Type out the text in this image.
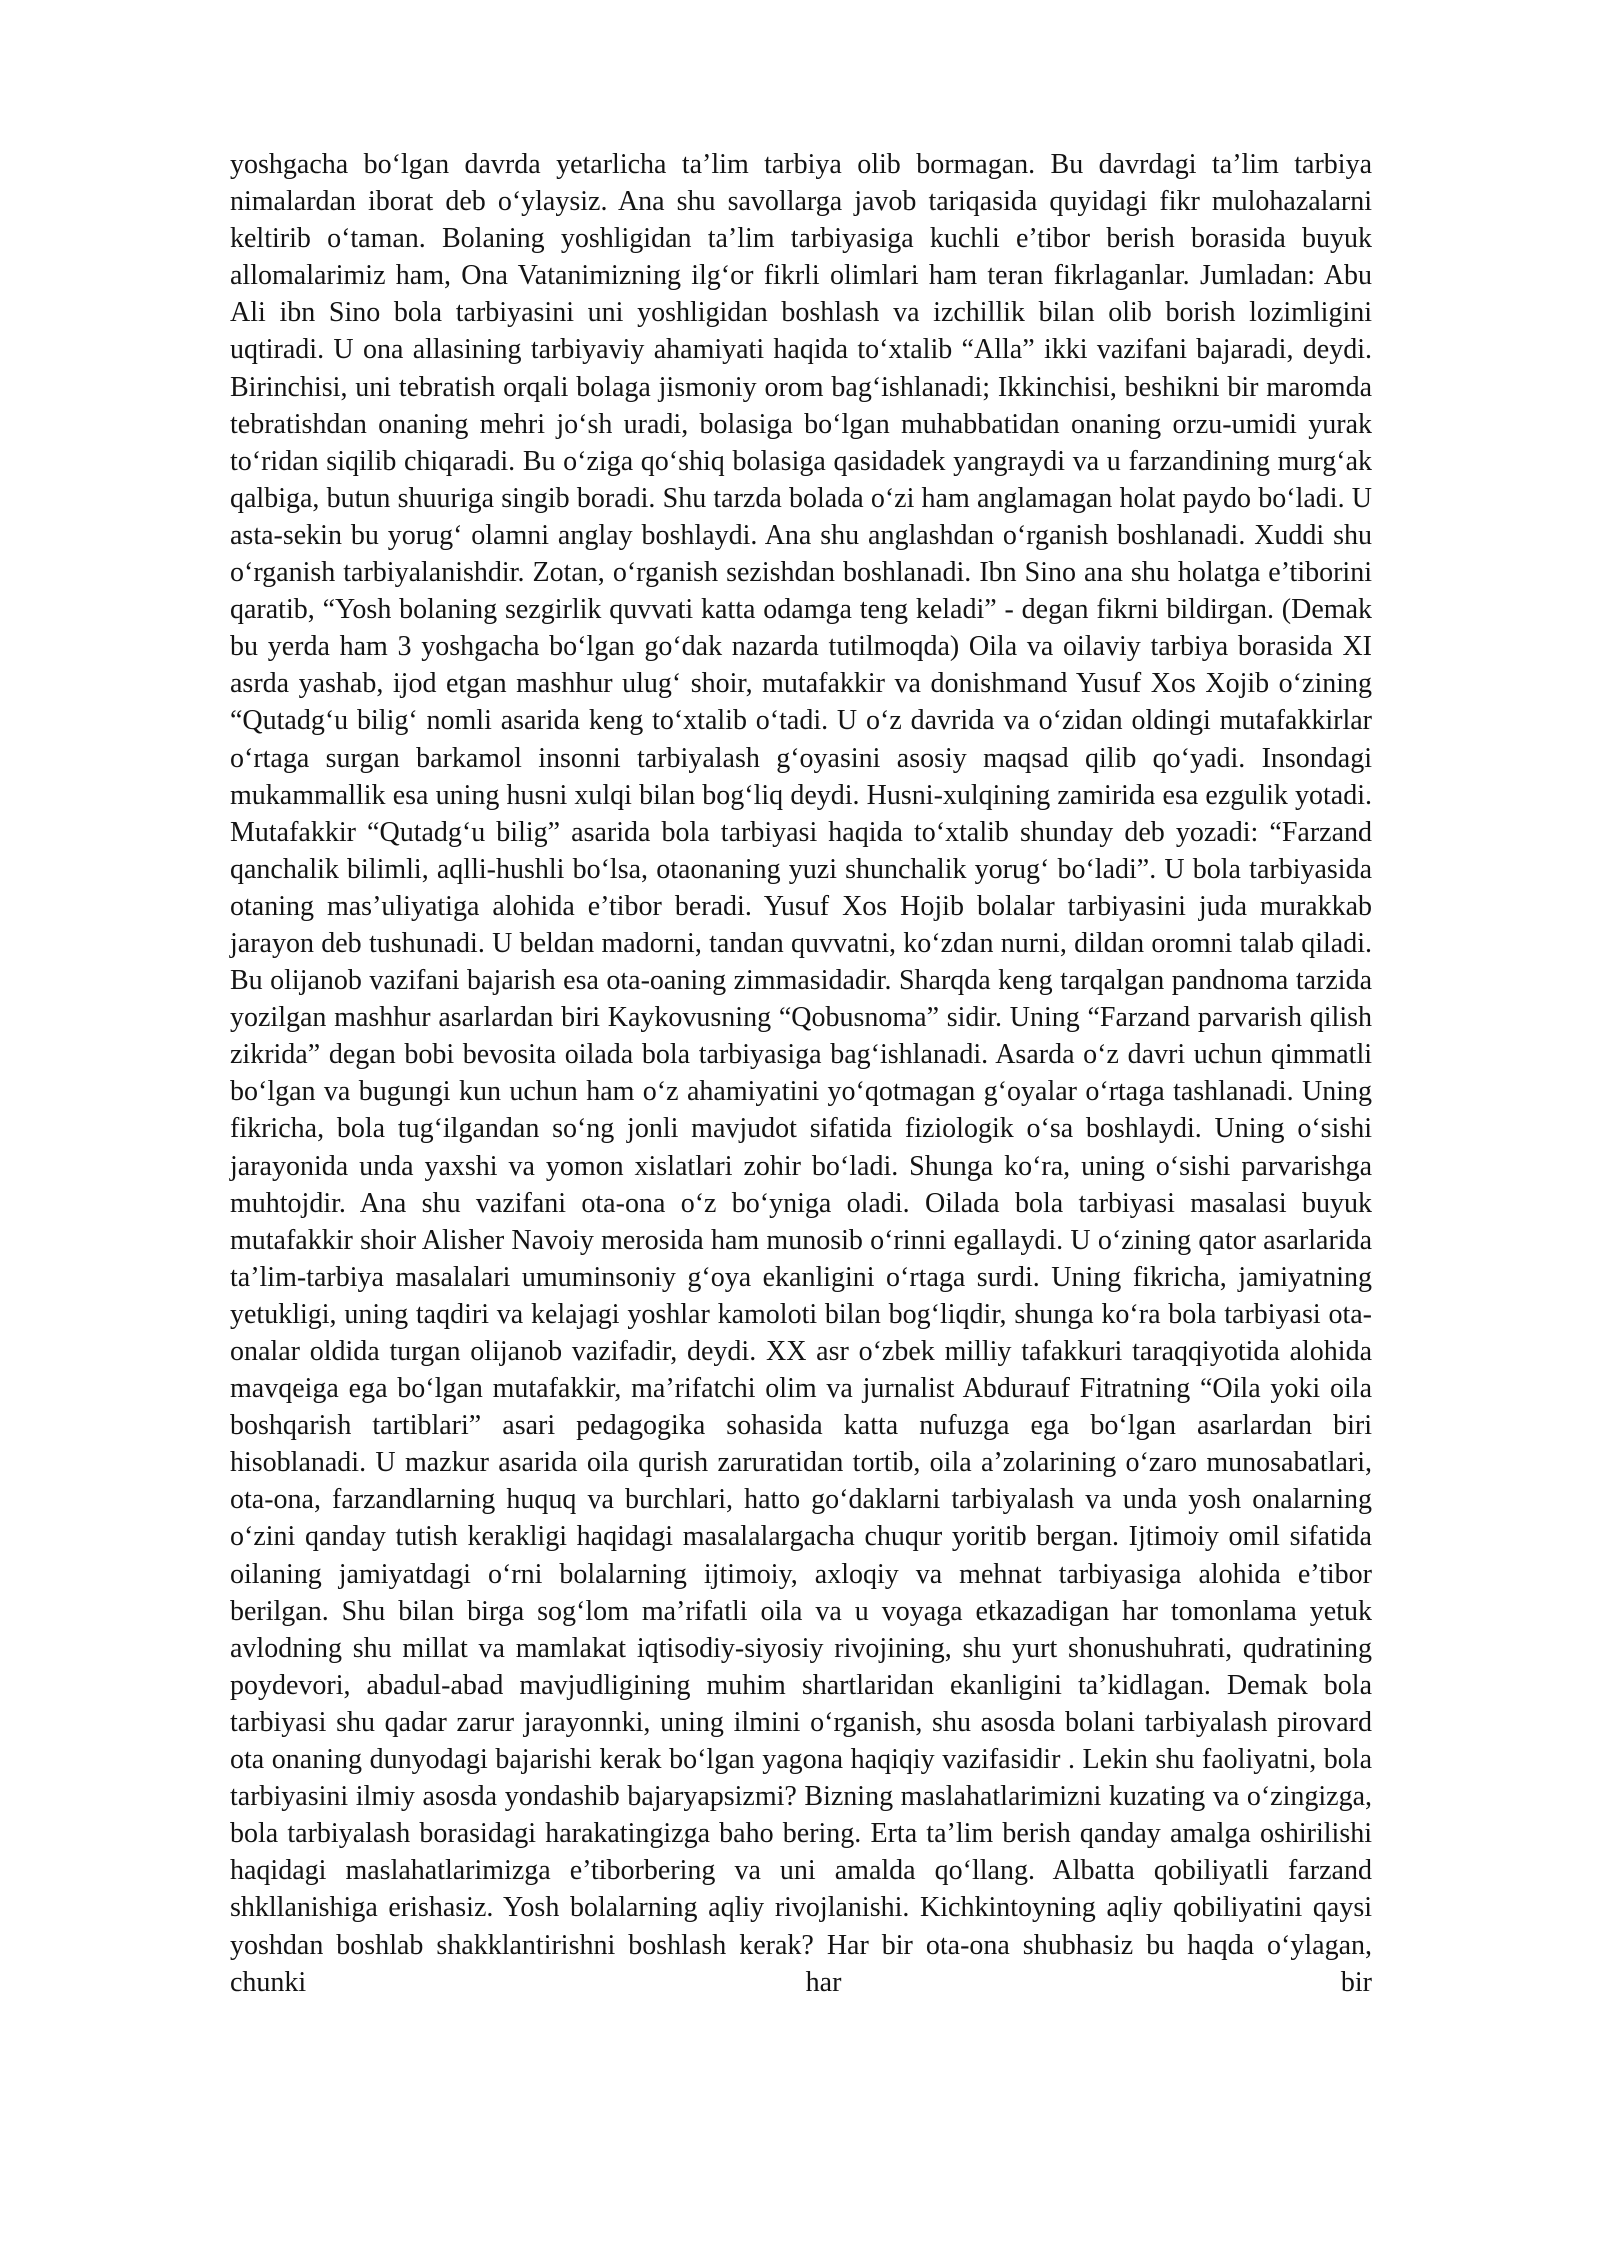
yoshgacha bo‘lgan davrda yetarlicha ta’lim tarbiya olib bormagan. Bu davrdagi ta’lim tarbiya nimalardan iborat deb o‘ylaysiz. Ana shu savollarga javob tariqasida quyidagi fikr mulohazalarni keltirib o‘taman. Bolaning yoshligidan ta’lim tarbiyasiga kuchli e’tibor berish borasida buyuk allomalarimiz ham, Ona Vatanimizning ilg‘or fikrli olimlari ham teran fikrlaganlar. Jumladan: Abu Ali ibn Sino bola tarbiyasini uni yoshligidan boshlash va izchillik bilan olib borish lozimligini uqtiradi. U ona allasining tarbiyaviy ahamiyati haqida to‘xtalib “Alla” ikki vazifani bajaradi, deydi. Birinchisi, uni tebratish orqali bolaga jismoniy orom bag‘ishlanadi; Ikkinchisi, beshikni bir maromda tebratishdan onaning mehri jo‘sh uradi, bolasiga bo‘lgan muhabbatidan onaning orzu-umidi yurak to‘ridan siqilib chiqaradi. Bu o‘ziga qo‘shiq bolasiga qasidadek yangraydi va u farzandining murg‘ak qalbiga, butun shuuriga singib boradi. Shu tarzda bolada o‘zi ham anglamagan holat paydo bo‘ladi. U asta-sekin bu yorug‘ olamni anglay boshlaydi. Ana shu anglashdan o‘rganish boshlanadi. Xuddi shu o‘rganish tarbiyalanishdir. Zotan, o‘rganish sezishdan boshlanadi. Ibn Sino ana shu holatga e’tiborini qaratib, “Yosh bolaning sezgirlik quvvati katta odamga teng keladi” - degan fikrni bildirgan. (Demak bu yerda ham 3 yoshgacha bo‘lgan go‘dak nazarda tutilmoqda) Oila va oilaviy tarbiya borasida XI asrda yashab, ijod etgan mashhur ulug‘ shoir, mutafakkir va donishmand Yusuf Xos Xojib o‘zining “Qutadg‘u bilig‘ nomli asarida keng to‘xtalib o‘tadi. U o‘z davrida va o‘zidan oldingi mutafakkirlar o‘rtaga surgan barkamol insonni tarbiyalash g‘oyasini asosiy maqsad qilib qo‘yadi. Insondagi mukammallik esa uning husni xulqi bilan bog‘liq deydi. Husni-xulqining zamirida esa ezgulik yotadi. Mutafakkir “Qutadg‘u bilig” asarida bola tarbiyasi haqida to‘xtalib shunday deb yozadi: “Farzand qanchalik bilimli, aqlli-hushli bo‘lsa, otaonaning yuzi shunchalik yorug‘ bo‘ladi”. U bola tarbiyasida otaning mas’uliyatiga alohida e’tibor beradi. Yusuf Xos Hojib bolalar tarbiyasini juda murakkab jarayon deb tushunadi. U beldan madorni, tandan quvvatni, ko‘zdan nurni, dildan oromni talab qiladi. Bu olijanob vazifani bajarish esa ota-oaning zimmasidadir. Sharqda keng tarqalgan pandnoma tarzida yozilgan mashhur asarlardan biri Kaykovusning “Qobusnoma” sidir. Uning “Farzand parvarish qilish zikrida” degan bobi bevosita oilada bola tarbiyasiga bag‘ishlanadi. Asarda o‘z davri uchun qimmatli bo‘lgan va bugungi kun uchun ham o‘z ahamiyatini yo‘qotmagan g‘oyalar o‘rtaga tashlanadi. Uning fikricha, bola tug‘ilgandan so‘ng jonli mavjudot sifatida fiziologik o‘sa boshlaydi. Uning o‘sishi jarayonida unda yaxshi va yomon xislatlari zohir bo‘ladi. Shunga ko‘ra, uning o‘sishi parvarishga muhtojdir. Ana shu vazifani ota-ona o‘z bo‘yniga oladi. Oilada bola tarbiyasi masalasi buyuk mutafakkir shoir Alisher Navoiy merosida ham munosib o‘rinni egallaydi. U o‘zining qator asarlarida ta’lim-tarbiya masalalari umuminsoniy g‘oya ekanligini o‘rtaga surdi. Uning fikricha, jamiyatning yetukligi, uning taqdiri va kelajagi yoshlar kamoloti bilan bog‘liqdir, shunga ko‘ra bola tarbiyasi ota-onalar oldida turgan olijanob vazifadir, deydi. XX asr o‘zbek milliy tafakkuri taraqqiyotida alohida mavqeiga ega bo‘lgan mutafakkir, ma’rifatchi olim va jurnalist Abdurauf Fitratning “Oila yoki oila boshqarish tartiblari” asari pedagogika sohasida katta nufuzga ega bo‘lgan asarlardan biri hisoblanadi. U mazkur asarida oila qurish zaruratidan tortib, oila a’zolarining o‘zaro munosabatlari, ota-ona, farzandlarning huquq va burchlari, hatto go‘daklarni tarbiyalash va unda yosh onalarning o‘zini qanday tutish kerakligi haqidagi masalalargacha chuqur yoritib bergan. Ijtimoiy omil sifatida oilaning jamiyatdagi o‘rni bolalarning ijtimoiy, axloqiy va mehnat tarbiyasiga alohida e’tibor berilgan. Shu bilan birga sog‘lom ma’rifatli oila va u voyaga etkazadigan har tomonlama yetuk avlodning shu millat va mamlakat iqtisodiy-siyosiy rivojining, shu yurt shonushuhrati, qudratining poydevori, abadul-abad mavjudligining muhim shartlaridan ekanligini ta’kidlagan. Demak bola tarbiyasi shu qadar zarur jarayonnki, uning ilmini o‘rganish, shu asosda bolani tarbiyalash pirovard ota onaning dunyodagi bajarishi kerak bo‘lgan yagona haqiqiy vazifasidir . Lekin shu faoliyatni, bola tarbiyasini ilmiy asosda yondashib bajaryapsizmi? Bizning maslahatlarimizni kuzating va o‘zingizga, bola tarbiyalash borasidagi harakatingizga baho bering. Erta ta’lim berish qanday amalga oshirilishi haqidagi maslahatlarimizga e’tiborbering va uni amalda qo‘llang. Albatta qobiliyatli farzand shkllanishiga erishasiz. Yosh bolalarning aqliy rivojlanishi. Kichkintoyning aqliy qobiliyatini qaysi yoshdan boshlab shakklantirishni boshlash kerak? Har bir ota-ona shubhasiz bu haqda o‘ylagan, chunki har bir
